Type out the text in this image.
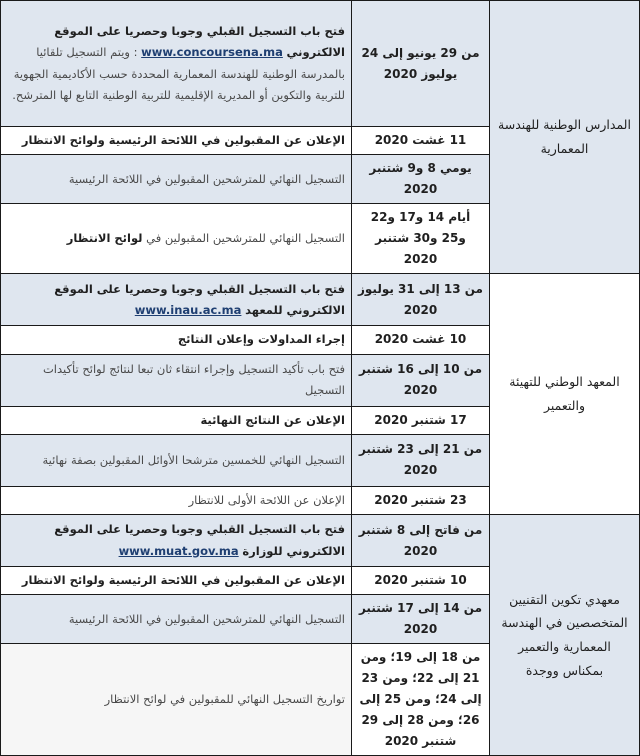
المدارس الوطنية للهندسة المعمارية	من 29 يونيو إلى 24 يوليوز 2020	فتح باب التسجيل القبلي وجوبا وحصريا على الموقع الالكتروني www.concoursena.ma : ويتم التسجيل تلقائيا بالمدرسة الوطنية للهندسة المعمارية المحددة حسب الأكاديمية الجهوية للتربية والتكوين أو المديرية الإقليمية للتربية الوطنية التابع لها المترشح.
	11 غشت 2020	الإعلان عن المقبولين في اللائحة الرئيسية ولوائح الانتظار
	يومي 8 و9 شتنبر 2020	التسجيل النهائي للمترشحين المقبولين في اللائحة الرئيسية
	أيام 14 و17 و22 و25 و30 شتنبر 2020	التسجيل النهائي للمترشحين المقبولين في لوائح الانتظار
المعهد الوطني للتهيئة والتعمير	من 13 إلى 31 يوليوز 2020	فتح باب التسجيل القبلي وجوبا وحصريا على الموقع الالكتروني للمعهد www.inau.ac.ma
	10 غشت 2020	إجراء المداولات وإعلان النتائج
	من 10 إلى 16 شتنبر 2020	فتح باب تأكيد التسجيل وإجراء انتقاء ثان تبعا لنتائج لوائح تأكيدات التسجيل
	17 شتنبر 2020	الإعلان عن النتائج النهائية
	من 21 إلى 23 شتنبر 2020	التسجيل النهائي للخمسين مترشحا الأوائل المقبولين بصفة نهائية
	23 شتنبر 2020	الإعلان عن اللائحة الأولى للانتظار
معهدي تكوين التقنيين المتخصصين في الهندسة المعمارية والتعمير بمكناس ووجدة	من فاتح إلى 8 شتنبر 2020	فتح باب التسجيل القبلي وجوبا وحصريا على الموقع الالكتروني للوزارة www.muat.gov.ma
	10 شتنبر 2020	الإعلان عن المقبولين في اللائحة الرئيسية ولوائح الانتظار
	من 14 إلى 17 شتنبر 2020	التسجيل النهائي للمترشحين المقبولين في اللائحة الرئيسية
	من 18 إلى 19؛ ومن 21 إلى 22؛ ومن 23 إلى 24؛ ومن 25 إلى 26؛ ومن 28 إلى 29 شتنبر 2020	تواريخ التسجيل النهائي للمقبولين في لوائح الانتظار
